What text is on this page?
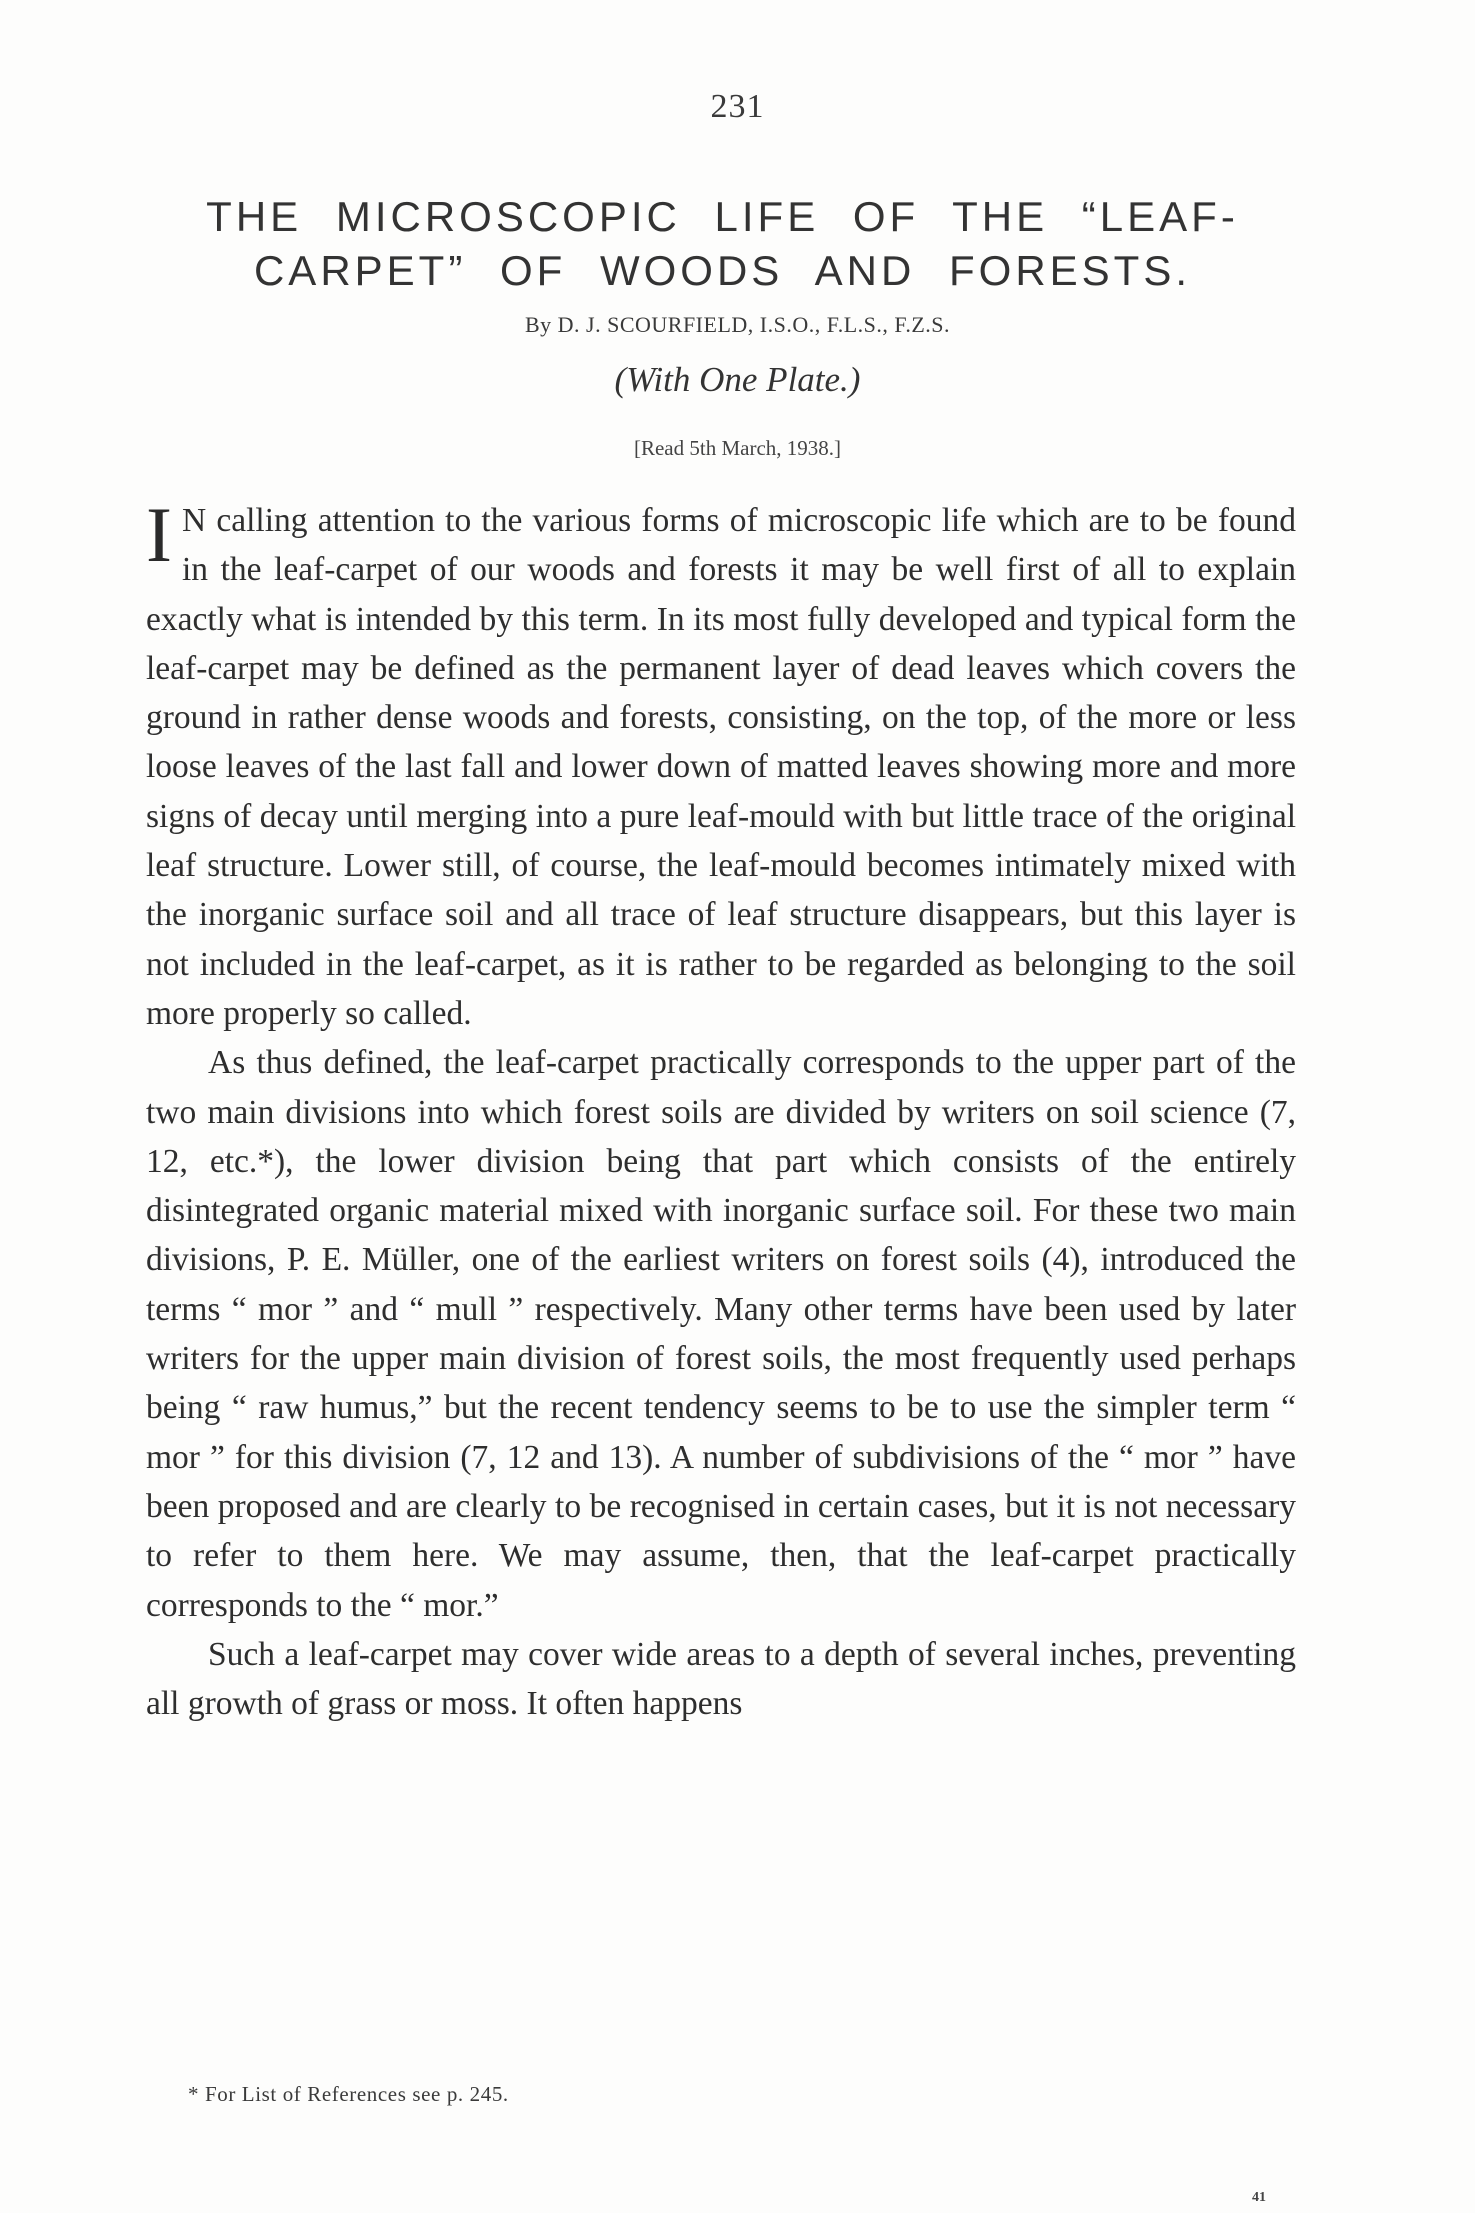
231
THE MICROSCOPIC LIFE OF THE “LEAF-
CARPET” OF WOODS AND FORESTS.
By D. J. SCOURFIELD, I.S.O., F.L.S., F.Z.S.
(With One Plate.)
[Read 5th March, 1938.]

I N calling attention to the various forms of microscopic life which are to be found in the leaf-carpet of our woods and forests it may be well first of all to explain exactly what is intended by this term. In its most fully developed and typical form the leaf-carpet may be defined as the permanent layer of dead leaves which covers the ground in rather dense woods and forests, consisting, on the top, of the more or less loose leaves of the last fall and lower down of matted leaves showing more and more signs of decay until merging into a pure leaf-mould with but little trace of the original leaf structure. Lower still, of course, the leaf-mould becomes intimately mixed with the inorganic surface soil and all trace of leaf structure disappears, but this layer is not included in the leaf-carpet, as it is rather to be regarded as belonging to the soil more properly so called.

As thus defined, the leaf-carpet practically corresponds to the upper part of the two main divisions into which forest soils are divided by writers on soil science (7, 12, etc.*), the lower division being that part which consists of the entirely disintegrated organic material mixed with inorganic surface soil. For these two main divisions, P. E. Müller, one of the earliest writers on forest soils (4), introduced the terms “ mor ” and “ mull ” respectively. Many other terms have been used by later writers for the upper main division of forest soils, the most frequently used perhaps being “ raw humus,” but the recent tendency seems to be to use the simpler term “ mor ” for this division (7, 12 and 13). A number of subdivisions of the “ mor ” have been proposed and are clearly to be recognised in certain cases, but it is not necessary to refer to them here. We may assume, then, that the leaf-carpet practically corresponds to the “ mor.”

Such a leaf-carpet may cover wide areas to a depth of several inches, preventing all growth of grass or moss. It often happens

* For List of References see p. 245.
41
